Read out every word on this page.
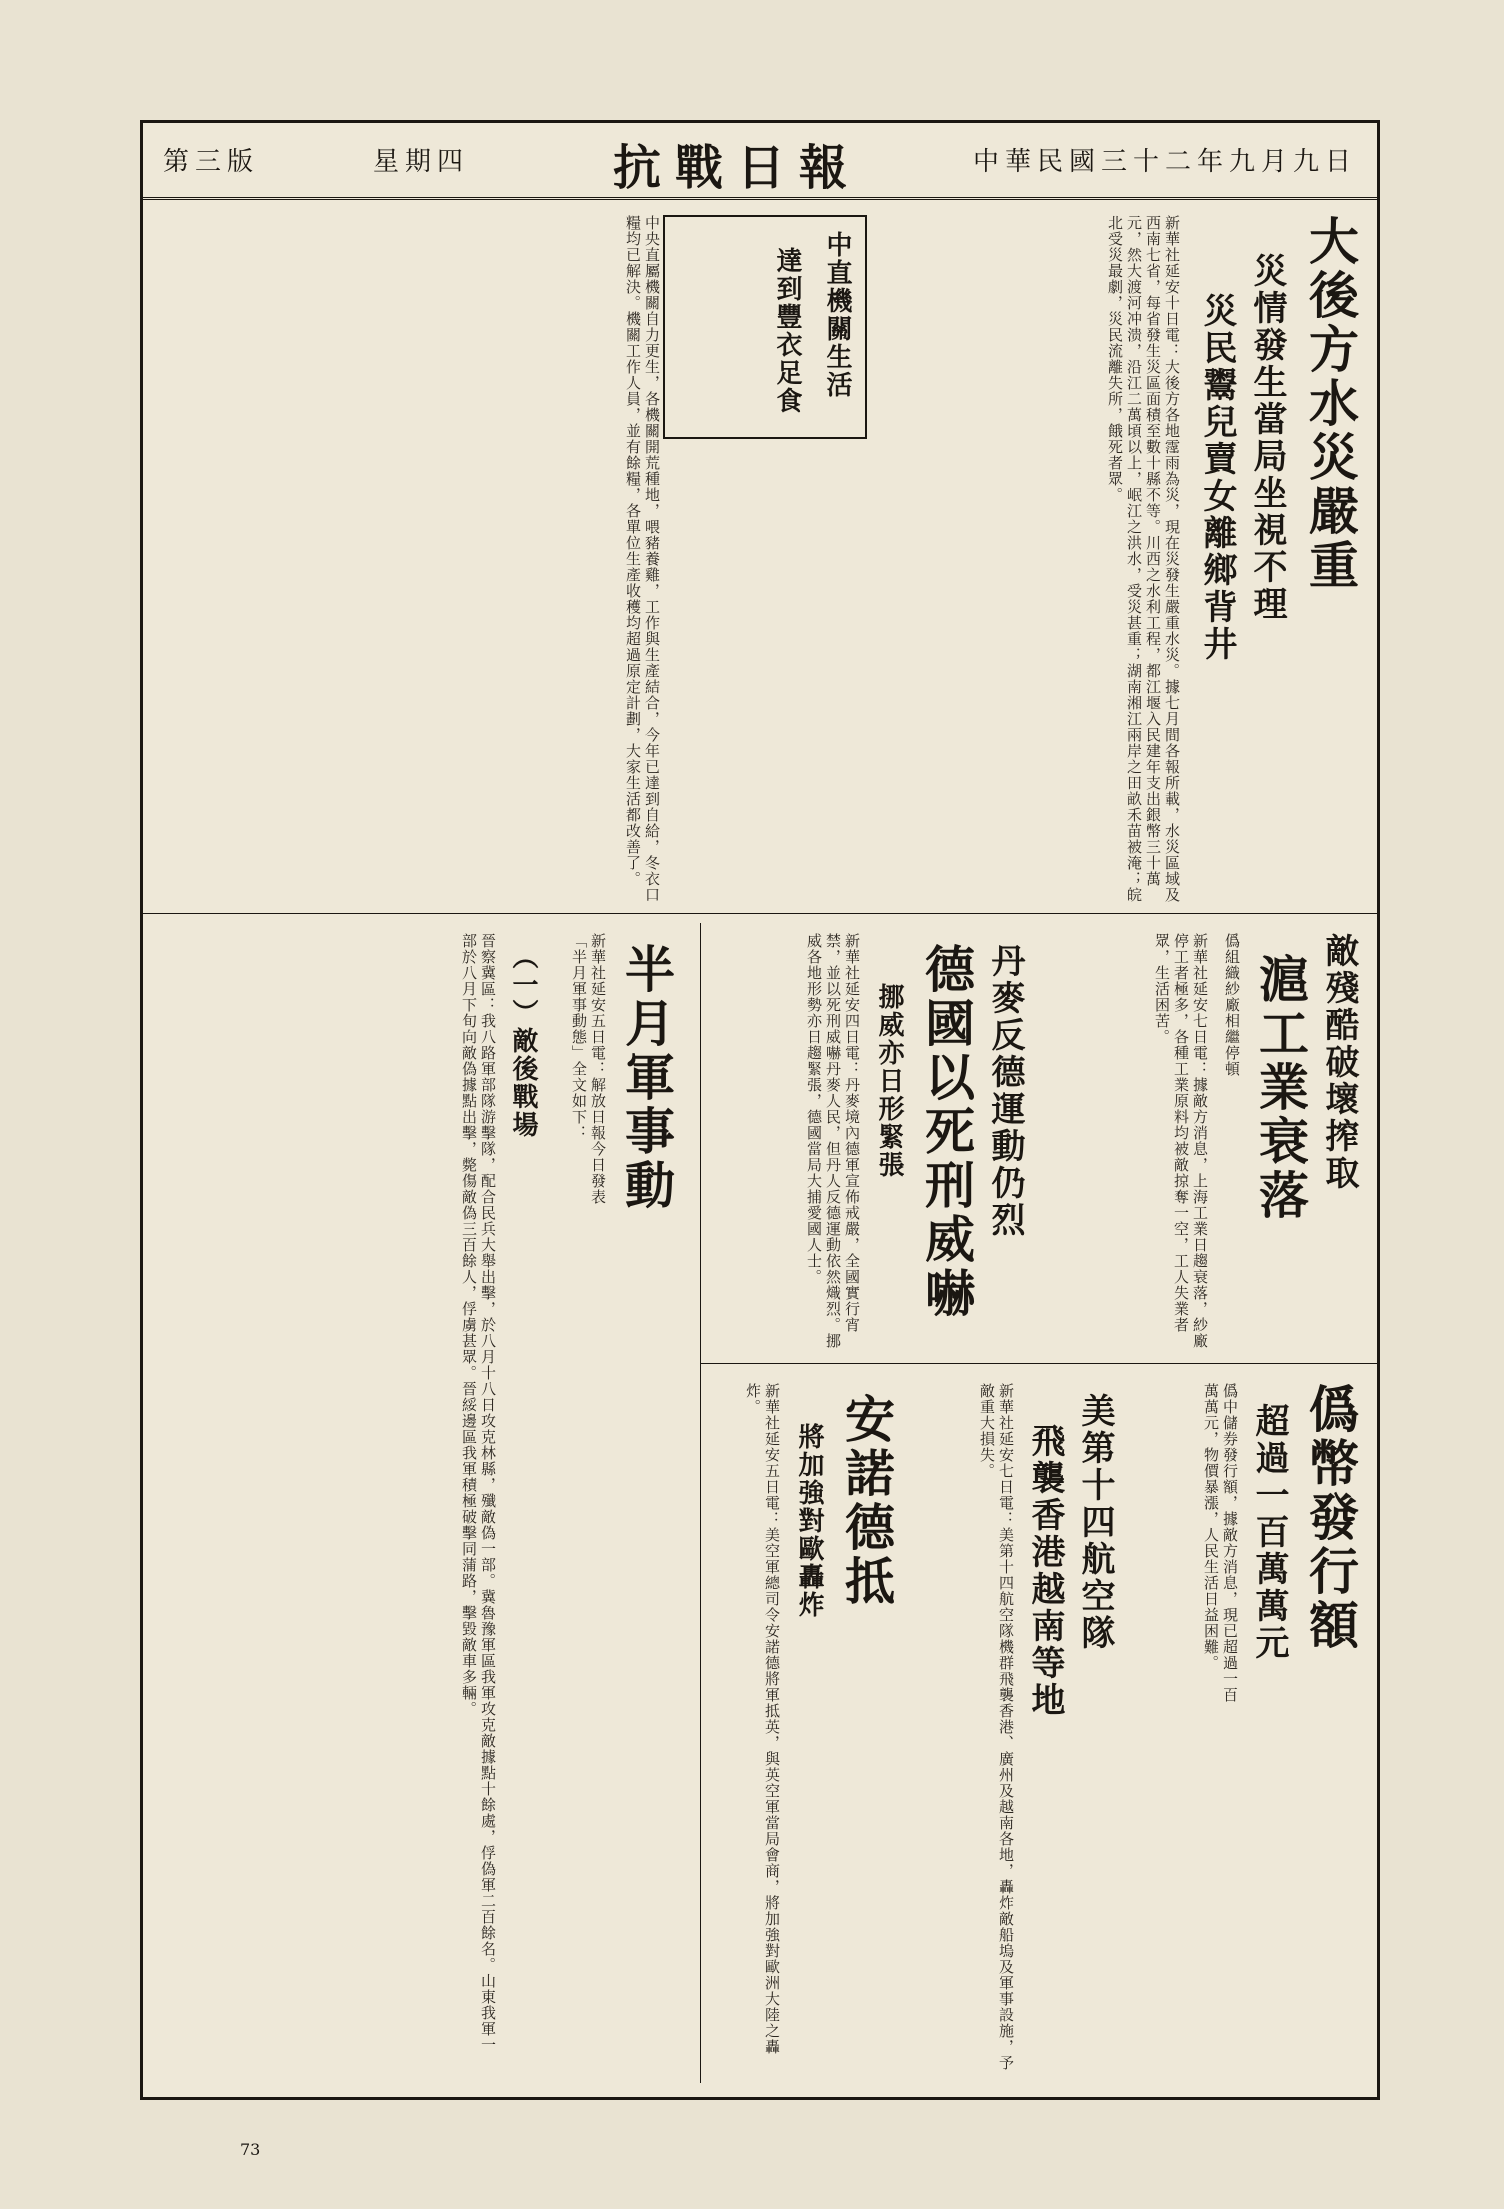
第三版	星期四	抗戰日報	中華民國三十二年九月九日
大後方水災嚴重
災情發生當局坐視不理
災民鬻兒賣女離鄉背井
新華社延安十日電：大後方各地霪雨為災，現在災發生嚴重水災。據七月間各報所載，水災區域及西南七省，每省發生災區面積至數十縣不等。川西之水利工程，都江堰入民建年支出銀幣三十萬元，然大渡河冲溃，沿江二萬頃以上，岷江之洪水，受災甚重；湖南湘江兩岸之田畝禾苗被淹；皖北受災最劇，災民流離失所，餓死者眾。
中直機關生活
達到豐衣足食
中央直屬機關自力更生，各機關開荒種地，喂豬養雞，工作與生產結合，今年已達到自給，冬衣口糧均已解決。機關工作人員，並有餘糧，各單位生產收穫均超過原定計劃，大家生活都改善了。
敵殘酷破壞搾取
滬工業衰落
僞組織紗廠相繼停頓
新華社延安七日電：據敵方消息，上海工業日趨衰落，紗廠停工者極多，各種工業原料均被敵掠奪一空，工人失業者眾，生活困苦。
丹麥反德運動仍烈
德國以死刑威嚇
挪威亦日形緊張
新華社延安四日電：丹麥境內德軍宣佈戒嚴，全國實行宵禁，並以死刑威嚇丹麥人民，但丹人反德運動依然熾烈。挪威各地形勢亦日趨緊張，德國當局大捕愛國人士。
半月軍事動
新華社延安五日電：解放日報今日發表「半月軍事動態」全文如下：
（一）敵後戰場
晉察冀區：我八路軍部隊游擊隊，配合民兵大舉出擊，於八月十八日攻克林縣，殲敵偽一部。冀魯豫軍區我軍攻克敵據點十餘處，俘偽軍二百餘名。山東我軍一部於八月下旬向敵偽據點出擊，斃傷敵偽三百餘人，俘虜甚眾。晉綏邊區我軍積極破擊同蒲路，擊毀敵車多輛。	僞幣發行額
超過一百萬萬元
僞中儲券發行額，據敵方消息，現已超過一百萬萬元，物價暴漲，人民生活日益困難。
美第十四航空隊
飛襲香港越南等地
新華社延安七日電：美第十四航空隊機群飛襲香港、廣州及越南各地，轟炸敵船塢及軍事設施，予敵重大損失。
安諾德抵
將加強對歐轟炸
新華社延安五日電：美空軍總司令安諾德將軍抵英，與英空軍當局會商，將加強對歐洲大陸之轟炸。
73
